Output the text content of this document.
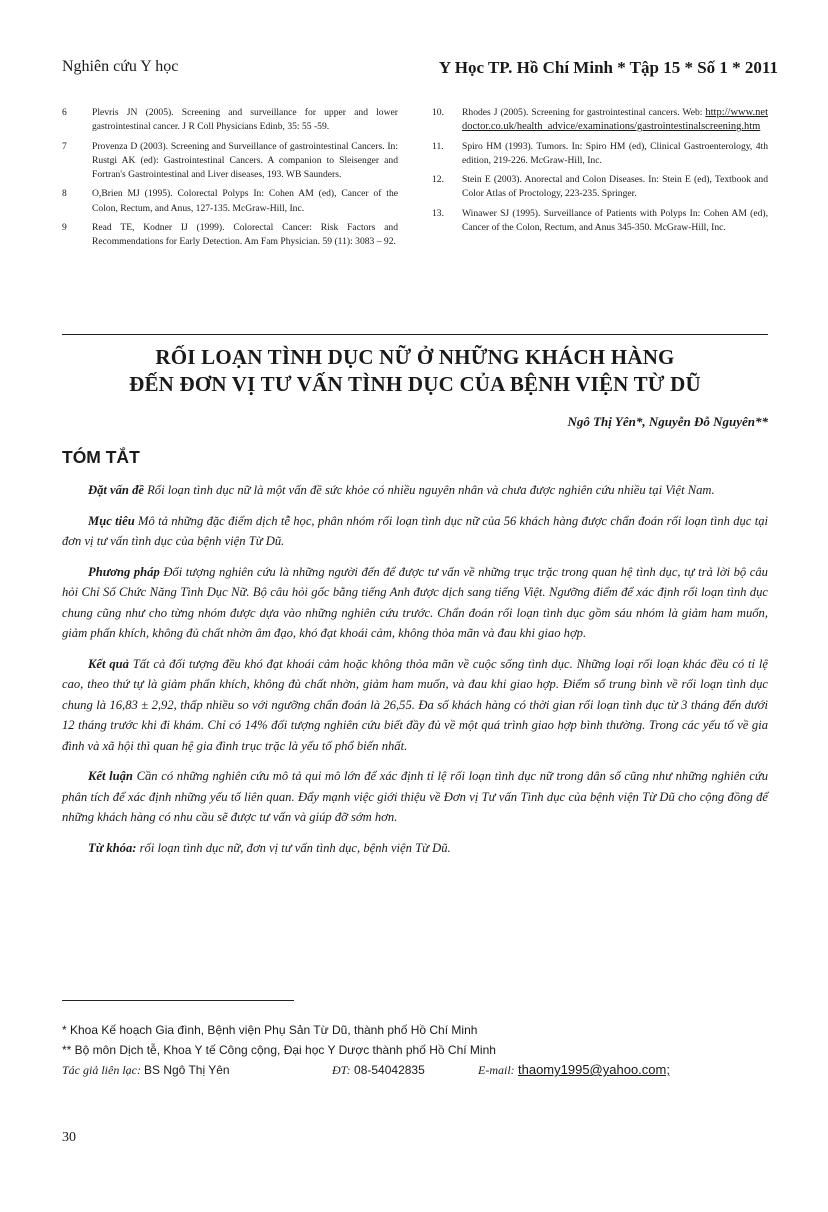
Nghiên cứu Y học	Y Học TP. Hồ Chí Minh * Tập 15 * Số 1 * 2011
6	Plevris JN (2005). Screening and surveillance for upper and lower gastrointestinal cancer. J R Coll Physicians Edinb, 35: 55 -59.
7	Provenza D (2003). Screening and Surveillance of gastrointestinal Cancers. In: Rustgi AK (ed): Gastrointestinal Cancers. A companion to Sleisenger and Fortran's Gastrointestinal and Liver diseases, 193. WB Saunders.
8	O,Brien MJ (1995). Colorectal Polyps In: Cohen AM (ed), Cancer of the Colon, Rectum, and Anus, 127-135. McGraw-Hill, Inc.
9	Read TE, Kodner IJ (1999). Colorectal Cancer: Risk Factors and Recommendations for Early Detection. Am Fam Physician. 59 (11): 3083 – 92.
10. Rhodes J (2005). Screening for gastrointestinal cancers. Web: http://www.netdoctor.co.uk/health_advice/examinations/gastrointestinalscreening.htm
11. Spiro HM (1993). Tumors. In: Spiro HM (ed), Clinical Gastroenterology, 4th edition, 219-226. McGraw-Hill, Inc.
12. Stein E (2003). Anorectal and Colon Diseases. In: Stein E (ed), Textbook and Color Atlas of Proctology, 223-235. Springer.
13. Winawer SJ (1995). Surveillance of Patients with Polyps In: Cohen AM (ed), Cancer of the Colon, Rectum, and Anus 345-350. McGraw-Hill, Inc.
RỐI LOẠN TÌNH DỤC NỮ Ở NHỮNG KHÁCH HÀNG
ĐẾN ĐƠN VỊ TƯ VẤN TÌNH DỤC CỦA BỆNH VIỆN TỪ DŨ
Ngô Thị Yên*, Nguyễn Đỗ Nguyên**
TÓM TẮT

Đặt vấn đề Rối loạn tình dục nữ là một vấn đề sức khỏe có nhiều nguyên nhân và chưa được nghiên cứu nhiều tại Việt Nam.

Mục tiêu Mô tả những đặc điểm dịch tễ học, phân nhóm rối loạn tình dục nữ của 56 khách hàng được chẩn đoán rối loạn tình dục tại đơn vị tư vấn tình dục của bệnh viện Từ Dũ.

Phương pháp Đối tượng nghiên cứu là những người đến để được tư vấn về những trục trặc trong quan hệ tình dục, tự trả lời bộ câu hỏi Chỉ Số Chức Năng Tình Dục Nữ. Bộ câu hỏi gốc bằng tiếng Anh được dịch sang tiếng Việt. Ngưỡng điểm để xác định rối loạn tình dục chung cũng như cho từng nhóm được dựa vào những nghiên cứu trước. Chẩn đoán rối loạn tình dục gồm sáu nhóm là giảm ham muốn, giảm phấn khích, không đủ chất nhờn âm đạo, khó đạt khoái cảm, không thỏa mãn và đau khi giao hợp.

Kết quả Tất cả đối tượng đều khó đạt khoái cảm hoặc không thỏa mãn về cuộc sống tình dục. Những loại rối loạn khác đều có tỉ lệ cao, theo thứ tự là giảm phấn khích, không đủ chất nhờn, giảm ham muốn, và đau khi giao hợp. Điểm số trung bình về rối loạn tình dục chung là 16,83 ± 2,92, thấp nhiều so với ngưỡng chẩn đoán là 26,55. Đa số khách hàng có thời gian rối loạn tình dục từ 3 tháng đến dưới 12 tháng trước khi đi khám. Chỉ có 14% đối tượng nghiên cứu biết đầy đủ về một quá trình giao hợp bình thường. Trong các yếu tố về gia đình và xã hội thì quan hệ gia đình trục trặc là yếu tố phổ biến nhất.

Kết luận Cần có những nghiên cứu mô tả qui mô lớn để xác định tỉ lệ rối loạn tình dục nữ trong dân số cũng như những nghiên cứu phân tích để xác định những yếu tố liên quan. Đẩy mạnh việc giới thiệu về Đơn vị Tư vấn Tình dục của bệnh viện Từ Dũ cho cộng đồng để những khách hàng có nhu cầu sẽ được tư vấn và giúp đỡ sớm hơn.

Từ khóa: rối loạn tình dục nữ, đơn vị tư vấn tình dục, bệnh viện Từ Dũ.

* Khoa Kế hoạch Gia đình, Bệnh viện Phụ Sản Từ Dũ, thành phố Hồ Chí Minh
** Bộ môn Dịch tễ, Khoa Y tế Công cộng, Đại học Y Dược thành phố Hồ Chí Minh
Tác giả liên lạc: BS Ngô Thị Yên	ĐT: 08-54042835	E-mail: thaomy1995@yahoo.com;
30
